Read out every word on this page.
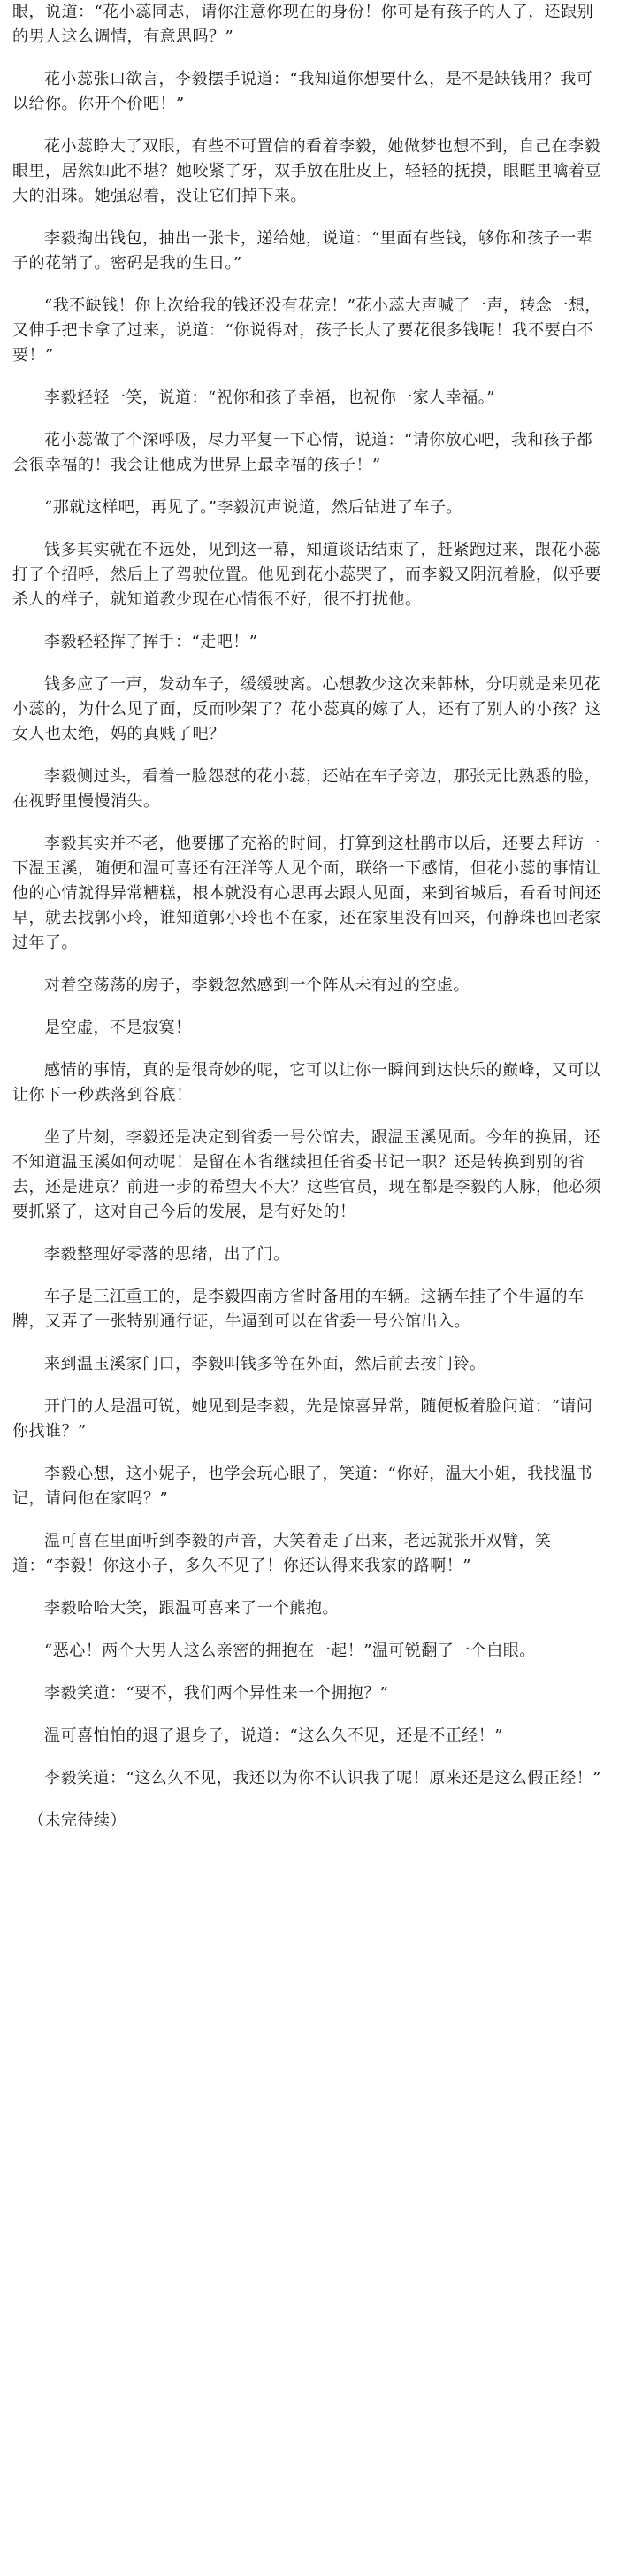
眼，说道：“花小蕊同志，请你注意你现在的身份！你可是有孩子的人了，还跟别的男人这么调情，有意思吗？”
花小蕊张口欲言，李毅摆手说道：“我知道你想要什么，是不是缺钱用？我可以给你。你开个价吧！”
花小蕊睁大了双眼，有些不可置信的看着李毅，她做梦也想不到，自己在李毅眼里，居然如此不堪？她咬紧了牙，双手放在肚皮上，轻轻的抚摸，眼眶里噙着豆大的泪珠。她强忍着，没让它们掉下来。
李毅掏出钱包，抽出一张卡，递给她，说道：“里面有些钱，够你和孩子一辈子的花销了。密码是我的生日。”
“我不缺钱！你上次给我的钱还没有花完！”花小蕊大声喊了一声，转念一想，又伸手把卡拿了过来，说道：“你说得对，孩子长大了要花很多钱呢！我不要白不要！”
李毅轻轻一笑，说道：“祝你和孩子幸福，也祝你一家人幸福。”
花小蕊做了个深呼吸，尽力平复一下心情，说道：“请你放心吧，我和孩子都会很幸福的！我会让他成为世界上最幸福的孩子！”
“那就这样吧，再见了。”李毅沉声说道，然后钻进了车子。
钱多其实就在不远处，见到这一幕，知道谈话结束了，赶紧跑过来，跟花小蕊打了个招呼，然后上了驾驶位置。他见到花小蕊哭了，而李毅又阴沉着脸，似乎要杀人的样子，就知道教少现在心情很不好，很不打扰他。
李毅轻轻挥了挥手：“走吧！”
钱多应了一声，发动车子，缓缓驶离。心想教少这次来韩林，分明就是来见花小蕊的，为什么见了面，反而吵架了？花小蕊真的嫁了人，还有了别人的小孩？这女人也太绝，妈的真贱了吧？
李毅侧过头，看着一脸怨怼的花小蕊，还站在车子旁边，那张无比熟悉的脸，在视野里慢慢消失。
李毅其实并不老，他要挪了充裕的时间，打算到这杜鹃市以后，还要去拜访一下温玉溪，随便和温可喜还有汪洋等人见个面，联络一下感情，但花小蕊的事情让他的心情就得异常糟糕，根本就没有心思再去跟人见面，来到省城后，看看时间还早，就去找郭小玲，谁知道郭小玲也不在家，还在家里没有回来，何静珠也回老家过年了。
对着空荡荡的房子，李毅忽然感到一个阵从未有过的空虚。
是空虚，不是寂寞！
感情的事情，真的是很奇妙的呢，它可以让你一瞬间到达快乐的巅峰，又可以让你下一秒跌落到谷底！
坐了片刻，李毅还是决定到省委一号公馆去，跟温玉溪见面。今年的换届，还不知道温玉溪如何动呢！是留在本省继续担任省委书记一职？还是转换到别的省去，还是进京？前进一步的希望大不大？这些官员，现在都是李毅的人脉，他必须要抓紧了，这对自己今后的发展，是有好处的！
李毅整理好零落的思绪，出了门。
车子是三江重工的，是李毅四南方省时备用的车辆。这辆车挂了个牛逼的车牌，又弄了一张特别通行证，牛逼到可以在省委一号公馆出入。
来到温玉溪家门口，李毅叫钱多等在外面，然后前去按门铃。
开门的人是温可锐，她见到是李毅，先是惊喜异常，随便板着脸问道：“请问你找谁？”
李毅心想，这小妮子，也学会玩心眼了，笑道：“你好，温大小姐，我找温书记，请问他在家吗？”
温可喜在里面听到李毅的声音，大笑着走了出来，老远就张开双臂，笑道：“李毅！你这小子，多久不见了！你还认得来我家的路啊！”
李毅哈哈大笑，跟温可喜来了一个熊抱。
“恶心！两个大男人这么亲密的拥抱在一起！”温可锐翻了一个白眼。
李毅笑道：“要不，我们两个异性来一个拥抱？”
温可喜怕怕的退了退身子，说道：“这么久不见，还是不正经！”
李毅笑道：“这么久不见，我还以为你不认识我了呢！原来还是这么假正经！”
（未完待续）
